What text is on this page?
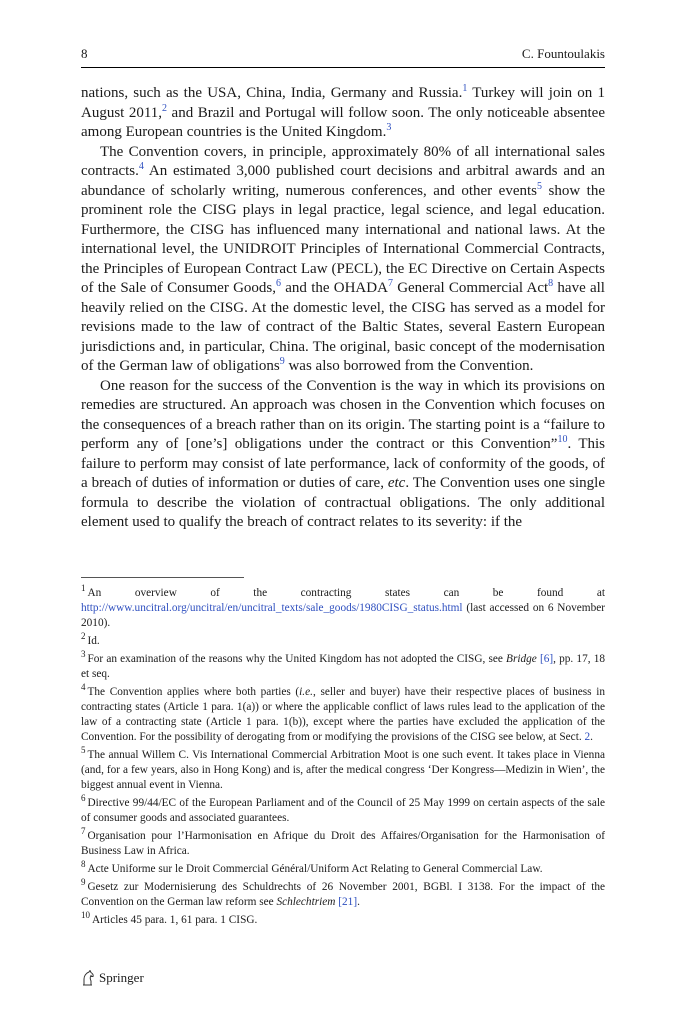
8	C. Fountoulakis

nations, such as the USA, China, India, Germany and Russia.$^1$ Turkey will join on 1 August 2011,$^2$ and Brazil and Portugal will follow soon. The only noticeable absentee among European countries is the United Kingdom.$^3$

The Convention covers, in principle, approximately 80% of all international sales contracts.$^4$ An estimated 3,000 published court decisions and arbitral awards and an abundance of scholarly writing, numerous conferences, and other events$^5$ show the prominent role the CISG plays in legal practice, legal science, and legal education. Furthermore, the CISG has influenced many international and national laws. At the international level, the UNIDROIT Principles of International Commercial Contracts, the Principles of European Contract Law (PECL), the EC Directive on Certain Aspects of the Sale of Consumer Goods,$^6$ and the OHADA$^7$ General Commercial Act$^8$ have all heavily relied on the CISG. At the domestic level, the CISG has served as a model for revisions made to the law of contract of the Baltic States, several Eastern European jurisdictions and, in particular, China. The original, basic concept of the modernisation of the German law of obligations$^9$ was also borrowed from the Convention.

One reason for the success of the Convention is the way in which its provisions on remedies are structured. An approach was chosen in the Convention which focuses on the consequences of a breach rather than on its origin. The starting point is a “failure to perform any of [one’s] obligations under the contract or this Convention”$^{10}$. This failure to perform may consist of late performance, lack of conformity of the goods, of a breach of duties of information or duties of care, etc. The Convention uses one single formula to describe the violation of contractual obligations. The only additional element used to qualify the breach of contract relates to its severity: if the

$^1$ An overview of the contracting states can be found at http://www.uncitral.org/uncitral/en/uncitral_texts/sale_goods/1980CISG_status.html (last accessed on 6 November 2010).

$^2$ Id.

$^3$ For an examination of the reasons why the United Kingdom has not adopted the CISG, see Bridge [6], pp. 17, 18 et seq.

$^4$ The Convention applies where both parties (i.e., seller and buyer) have their respective places of business in contracting states (Article 1 para. 1(a)) or where the applicable conflict of laws rules lead to the application of the law of a contracting state (Article 1 para. 1(b)), except where the parties have excluded the application of the Convention. For the possibility of derogating from or modifying the provisions of the CISG see below, at Sect. 2.

$^5$ The annual Willem C. Vis International Commercial Arbitration Moot is one such event. It takes place in Vienna (and, for a few years, also in Hong Kong) and is, after the medical congress ‘Der Kongress—Medizin in Wien’, the biggest annual event in Vienna.

$^6$ Directive 99/44/EC of the European Parliament and of the Council of 25 May 1999 on certain aspects of the sale of consumer goods and associated guarantees.

$^7$ Organisation pour l’Harmonisation en Afrique du Droit des Affaires/Organisation for the Harmonisation of Business Law in Africa.

$^8$ Acte Uniforme sur le Droit Commercial Général/Uniform Act Relating to General Commercial Law.

$^9$ Gesetz zur Modernisierung des Schuldrechts of 26 November 2001, BGBl. I 3138. For the impact of the Convention on the German law reform see Schlechtriem [21].

$^{10}$ Articles 45 para. 1, 61 para. 1 CISG.

Springer
